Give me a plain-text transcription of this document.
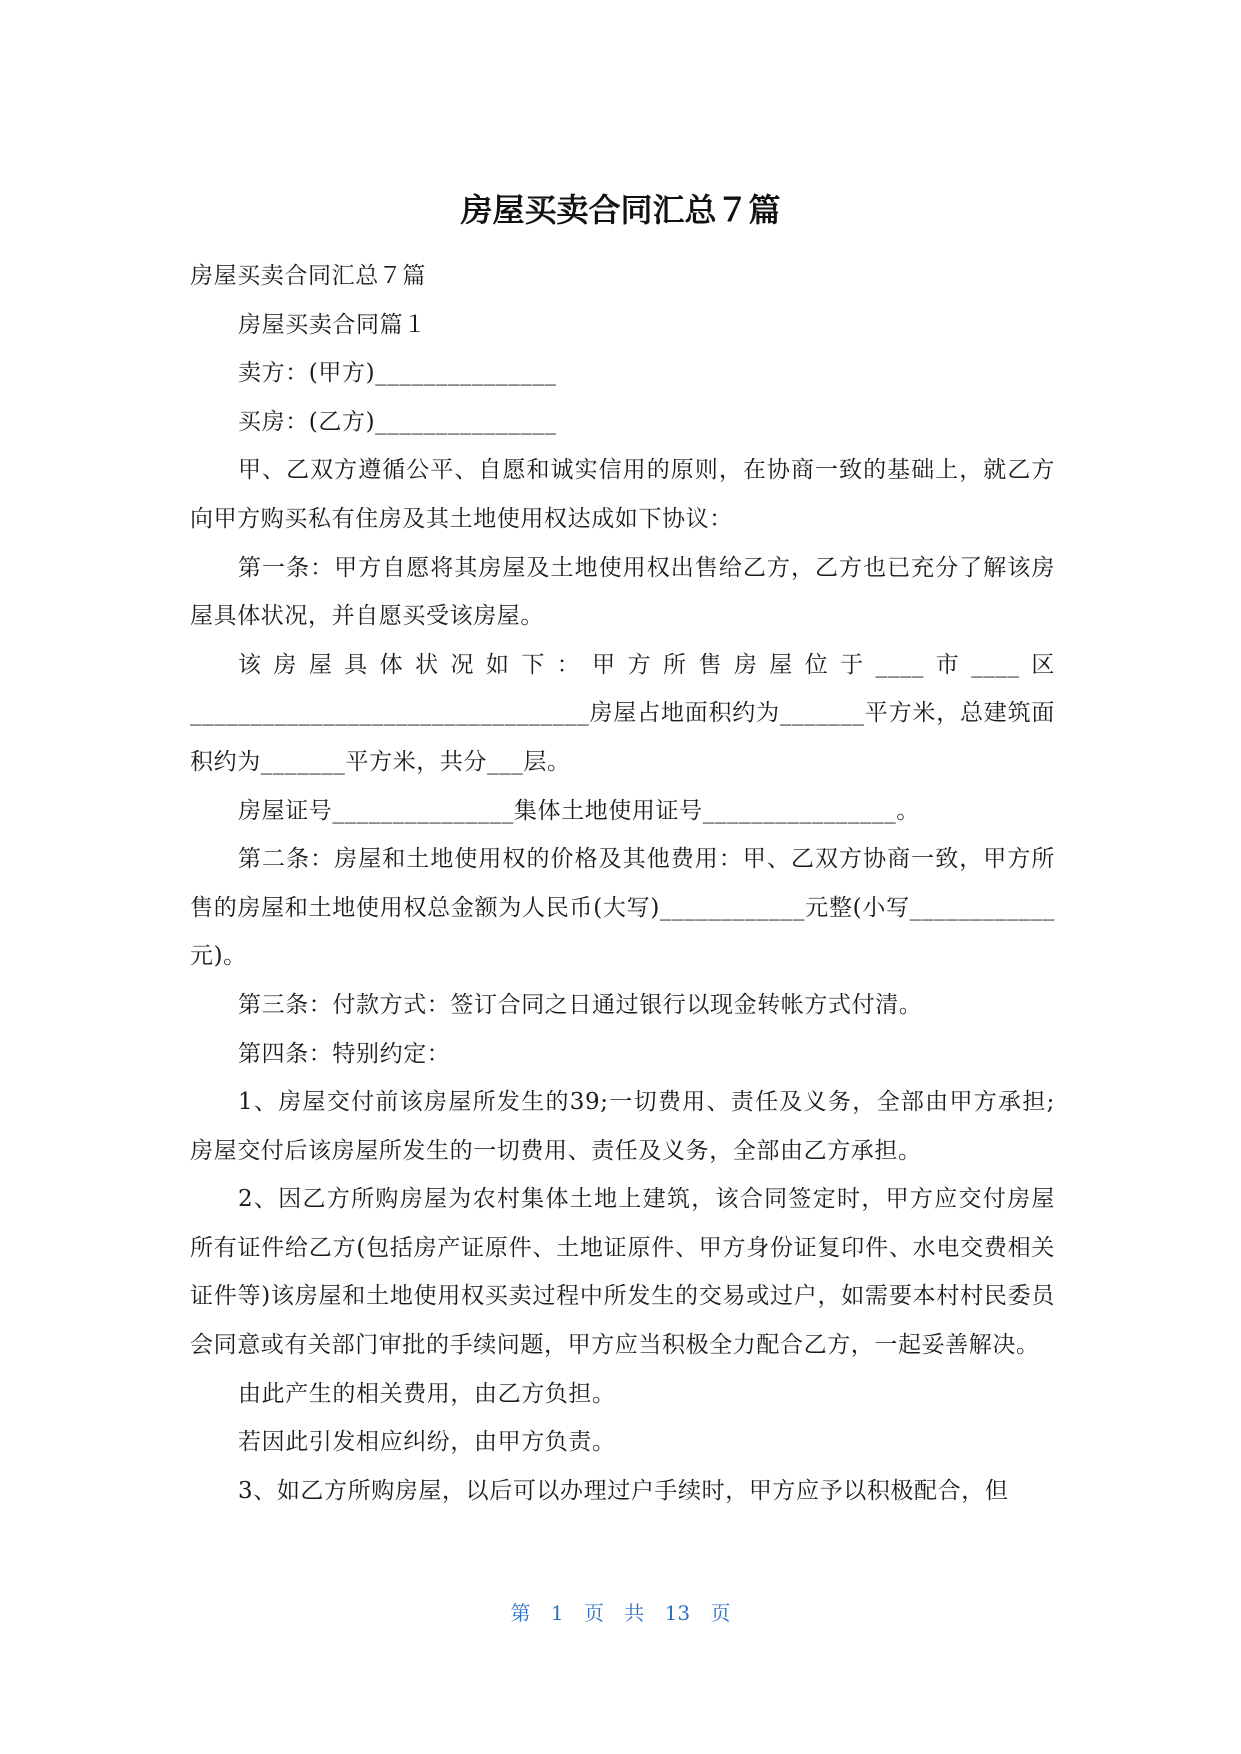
房屋买卖合同汇总７篇

房屋买卖合同汇总７篇

房屋买卖合同篇１

卖方：(甲方)_______________

买房：(乙方)_______________

甲、乙双方遵循公平、自愿和诚实信用的原则，在协商一致的基础上，就乙方向甲方购买私有住房及其土地使用权达成如下协议：

第一条：甲方自愿将其房屋及土地使用权出售给乙方，乙方也已充分了解该房屋具体状况，并自愿买受该房屋。

该房屋具体状况如下：甲方所售房屋位于____市____区_________________________________房屋占地面积约为_______平方米，总建筑面积约为_______平方米，共分___层。

房屋证号_______________集体土地使用证号________________。

第二条：房屋和土地使用权的价格及其他费用：甲、乙双方协商一致，甲方所售的房屋和土地使用权总金额为人民币(大写)____________元整(小写____________元)。

第三条：付款方式：签订合同之日通过银行以现金转帐方式付清。

第四条：特别约定：

1、房屋交付前该房屋所发生的39;一切费用、责任及义务，全部由甲方承担;房屋交付后该房屋所发生的一切费用、责任及义务，全部由乙方承担。

2、因乙方所购房屋为农村集体土地上建筑，该合同签定时，甲方应交付房屋所有证件给乙方(包括房产证原件、土地证原件、甲方身份证复印件、水电交费相关证件等)该房屋和土地使用权买卖过程中所发生的交易或过户，如需要本村村民委员会同意或有关部门审批的手续问题，甲方应当积极全力配合乙方，一起妥善解决。

由此产生的相关费用，由乙方负担。

若因此引发相应纠纷，由甲方负责。

3、如乙方所购房屋，以后可以办理过户手续时，甲方应予以积极配合，但

第 1 页 共 13 页
